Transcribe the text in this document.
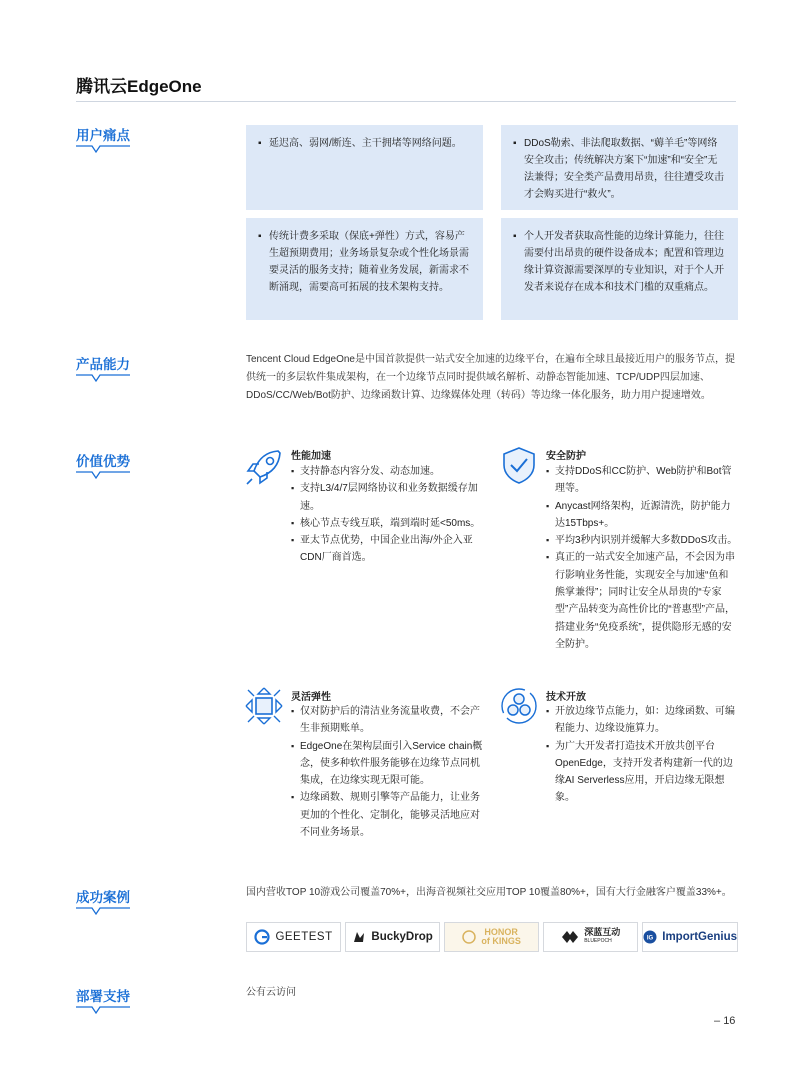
腾讯云EdgeOne
用户痛点
▪ 延迟高、弱网/断连、主干拥堵等网络问题。	▪ DDoS勒索、非法爬取数据、“薅羊毛”等网络安全攻击；传统解决方案下“加速”和“安全”无法兼得；安全类产品费用昂贵，往往遭受攻击才会购买进行“救火”。
▪ 传统计费多采取（保底+弹性）方式，容易产生超预期费用；业务场景复杂或个性化场景需要灵活的服务支持；随着业务发展，新需求不断涌现，需要高可拓展的技术架构支持。
▪ 个人开发者获取高性能的边缘计算能力，往往需要付出昂贵的硬件设备成本；配置和管理边缘计算资源需要深厚的专业知识，对于个人开发者来说存在成本和技术门槛的双重痛点。
产品能力	Tencent Cloud EdgeOne是中国首款提供一站式安全加速的边缘平台，在遍布全球且最接近用户的服务节点，提供统一的多层软件集成架构，在一个边缘节点同时提供域名解析、动静态智能加速、TCP/UDP四层加速、DDoS/CC/Web/Bot防护、边缘函数计算、边缘媒体处理（转码）等边缘一体化服务，助力用户提速增效。
价值优势	性能加速
▪ 支持静态内容分发、动态加速。
▪ 支持L3/4/7层网络协议和业务数据缓存加速。
▪ 核心节点专线互联，端到端时延<50ms。
▪ 亚太节点优势，中国企业出海/外企入亚CDN厂商首选。
安全防护
▪ 支持DDoS和CC防护、Web防护和Bot管理等。
▪ Anycast网络架构，近源清洗，防护能力达15Tbps+。
▪ 平均3秒内识别并缓解大多数DDoS攻击。
▪ 真正的一站式安全加速产品，不会因为串行影响业务性能，实现安全与加速“鱼和熊掌兼得”；同时让安全从昂贵的“专家型”产品转变为高性价比的“普惠型”产品，搭建业务“免疫系统”，提供隐形无感的安全防护。
灵活弹性
▪ 仅对防护后的清洁业务流量收费，不会产生非预期账单。
▪ EdgeOne在架构层面引入Service chain概念，使多种软件服务能够在边缘节点同机集成，在边缘实现无限可能。
▪ 边缘函数、规则引擎等产品能力，让业务更加的个性化、定制化，能够灵活地应对不同业务场景。
技术开放
▪ 开放边缘节点能力，如：边缘函数、可编程能力、边缘设施算力。
▪ 为广大开发者打造技术开放共创平台OpenEdge，支持开发者构建新一代的边缘AI Serverless应用，开启边缘无限想象。
成功案例	国内营收TOP 10游戏公司覆盖70%+，出海音视频社交应用TOP 10覆盖80%+，国有大行金融客户覆盖33%+。
GEETEST	BuckyDrop	HONOR of KINGS
深蓝互动
BLUEPOCH	IG ImportGenius
部署支持	公有云访问
– 16
